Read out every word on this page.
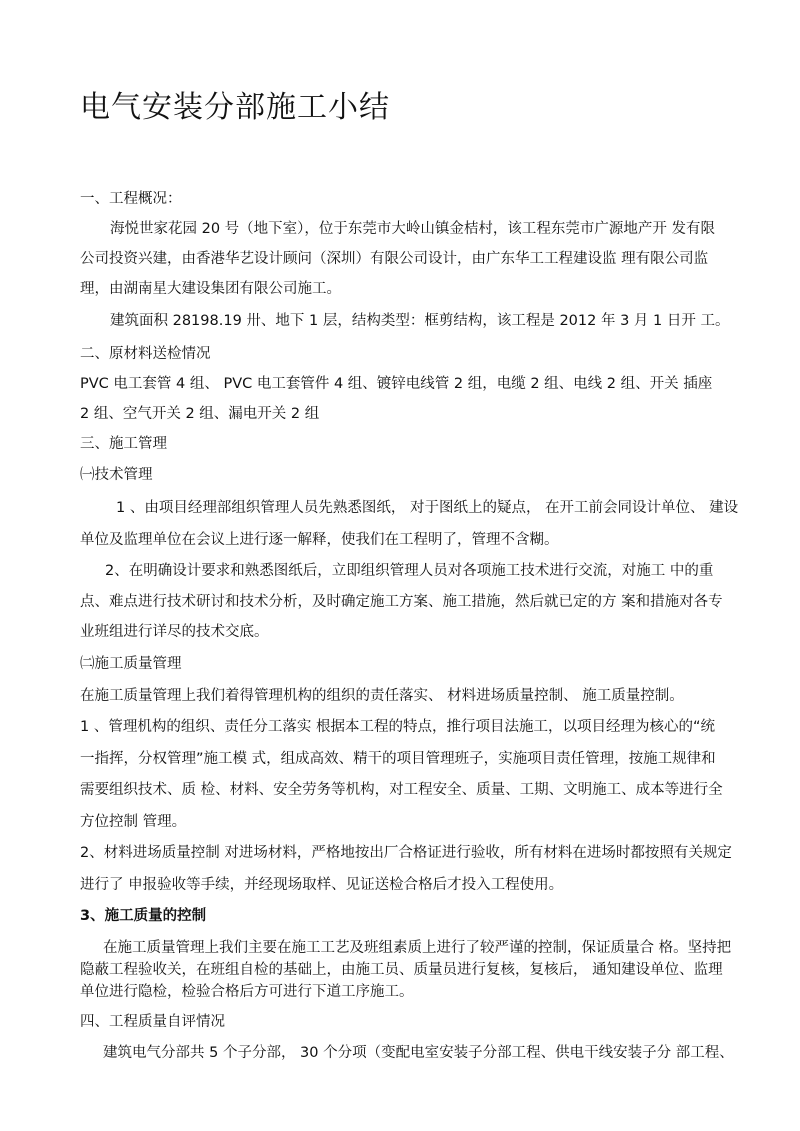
电气安装分部施工小结
一、工程概况：
海悦世家花园 20 号（地下室），位于东莞市大岭山镇金桔村，该工程东莞市广源地产开 发有限
公司投资兴建，由香港华艺设计顾问（深圳）有限公司设计，由广东华工工程建设监 理有限公司监
理，由湖南星大建设集团有限公司施工。
建筑面积 28198.19 卅、地下 1 层，结构类型：框剪结构，该工程是 2012 年 3 月 1 日开 工。
二、原材料送检情况
PVC 电工套管 4 组、 PVC 电工套管件 4 组、镀锌电线管 2 组，电缆 2 组、电线 2 组、开关 插座
2 组、空气开关 2 组、漏电开关 2 组
三、施工管理
㈠技术管理
1 、由项目经理部组织管理人员先熟悉图纸， 对于图纸上的疑点， 在开工前会同设计单位、 建设
单位及监理单位在会议上进行逐一解释，使我们在工程明了，管理不含糊。
2、在明确设计要求和熟悉图纸后，立即组织管理人员对各项施工技术进行交流，对施工 中的重
点、难点进行技术研讨和技术分析，及时确定施工方案、施工措施，然后就已定的方 案和措施对各专
业班组进行详尽的技术交底。
㈡施工质量管理
在施工质量管理上我们着得管理机构的组织的责任落实、 材料进场质量控制、 施工质量控制。
1 、管理机构的组织、责任分工落实 根据本工程的特点，推行项目法施工，以项目经理为核心的“统
一指挥，分权管理”施工模 式，组成高效、精干的项目管理班子，实施项目责任管理，按施工规律和
需要组织技术、质 检、材料、安全劳务等机构，对工程安全、质量、工期、文明施工、成本等进行全
方位控制 管理。
2、材料进场质量控制 对进场材料，严格地按出厂合格证进行验收，所有材料在进场时都按照有关规定
进行了 申报验收等手续，并经现场取样、见证送检合格后才投入工程使用。
3、施工质量的控制
在施工质量管理上我们主要在施工工艺及班组素质上进行了较严谨的控制，保证质量合 格。坚持把
隐蔽工程验收关，在班组自检的基础上，由施工员、质量员进行复核，复核后， 通知建设单位、监理
单位进行隐检，检验合格后方可进行下道工序施工。
四、工程质量自评情况
建筑电气分部共 5 个子分部， 30 个分项（变配电室安装子分部工程、供电干线安装子分 部工程、
